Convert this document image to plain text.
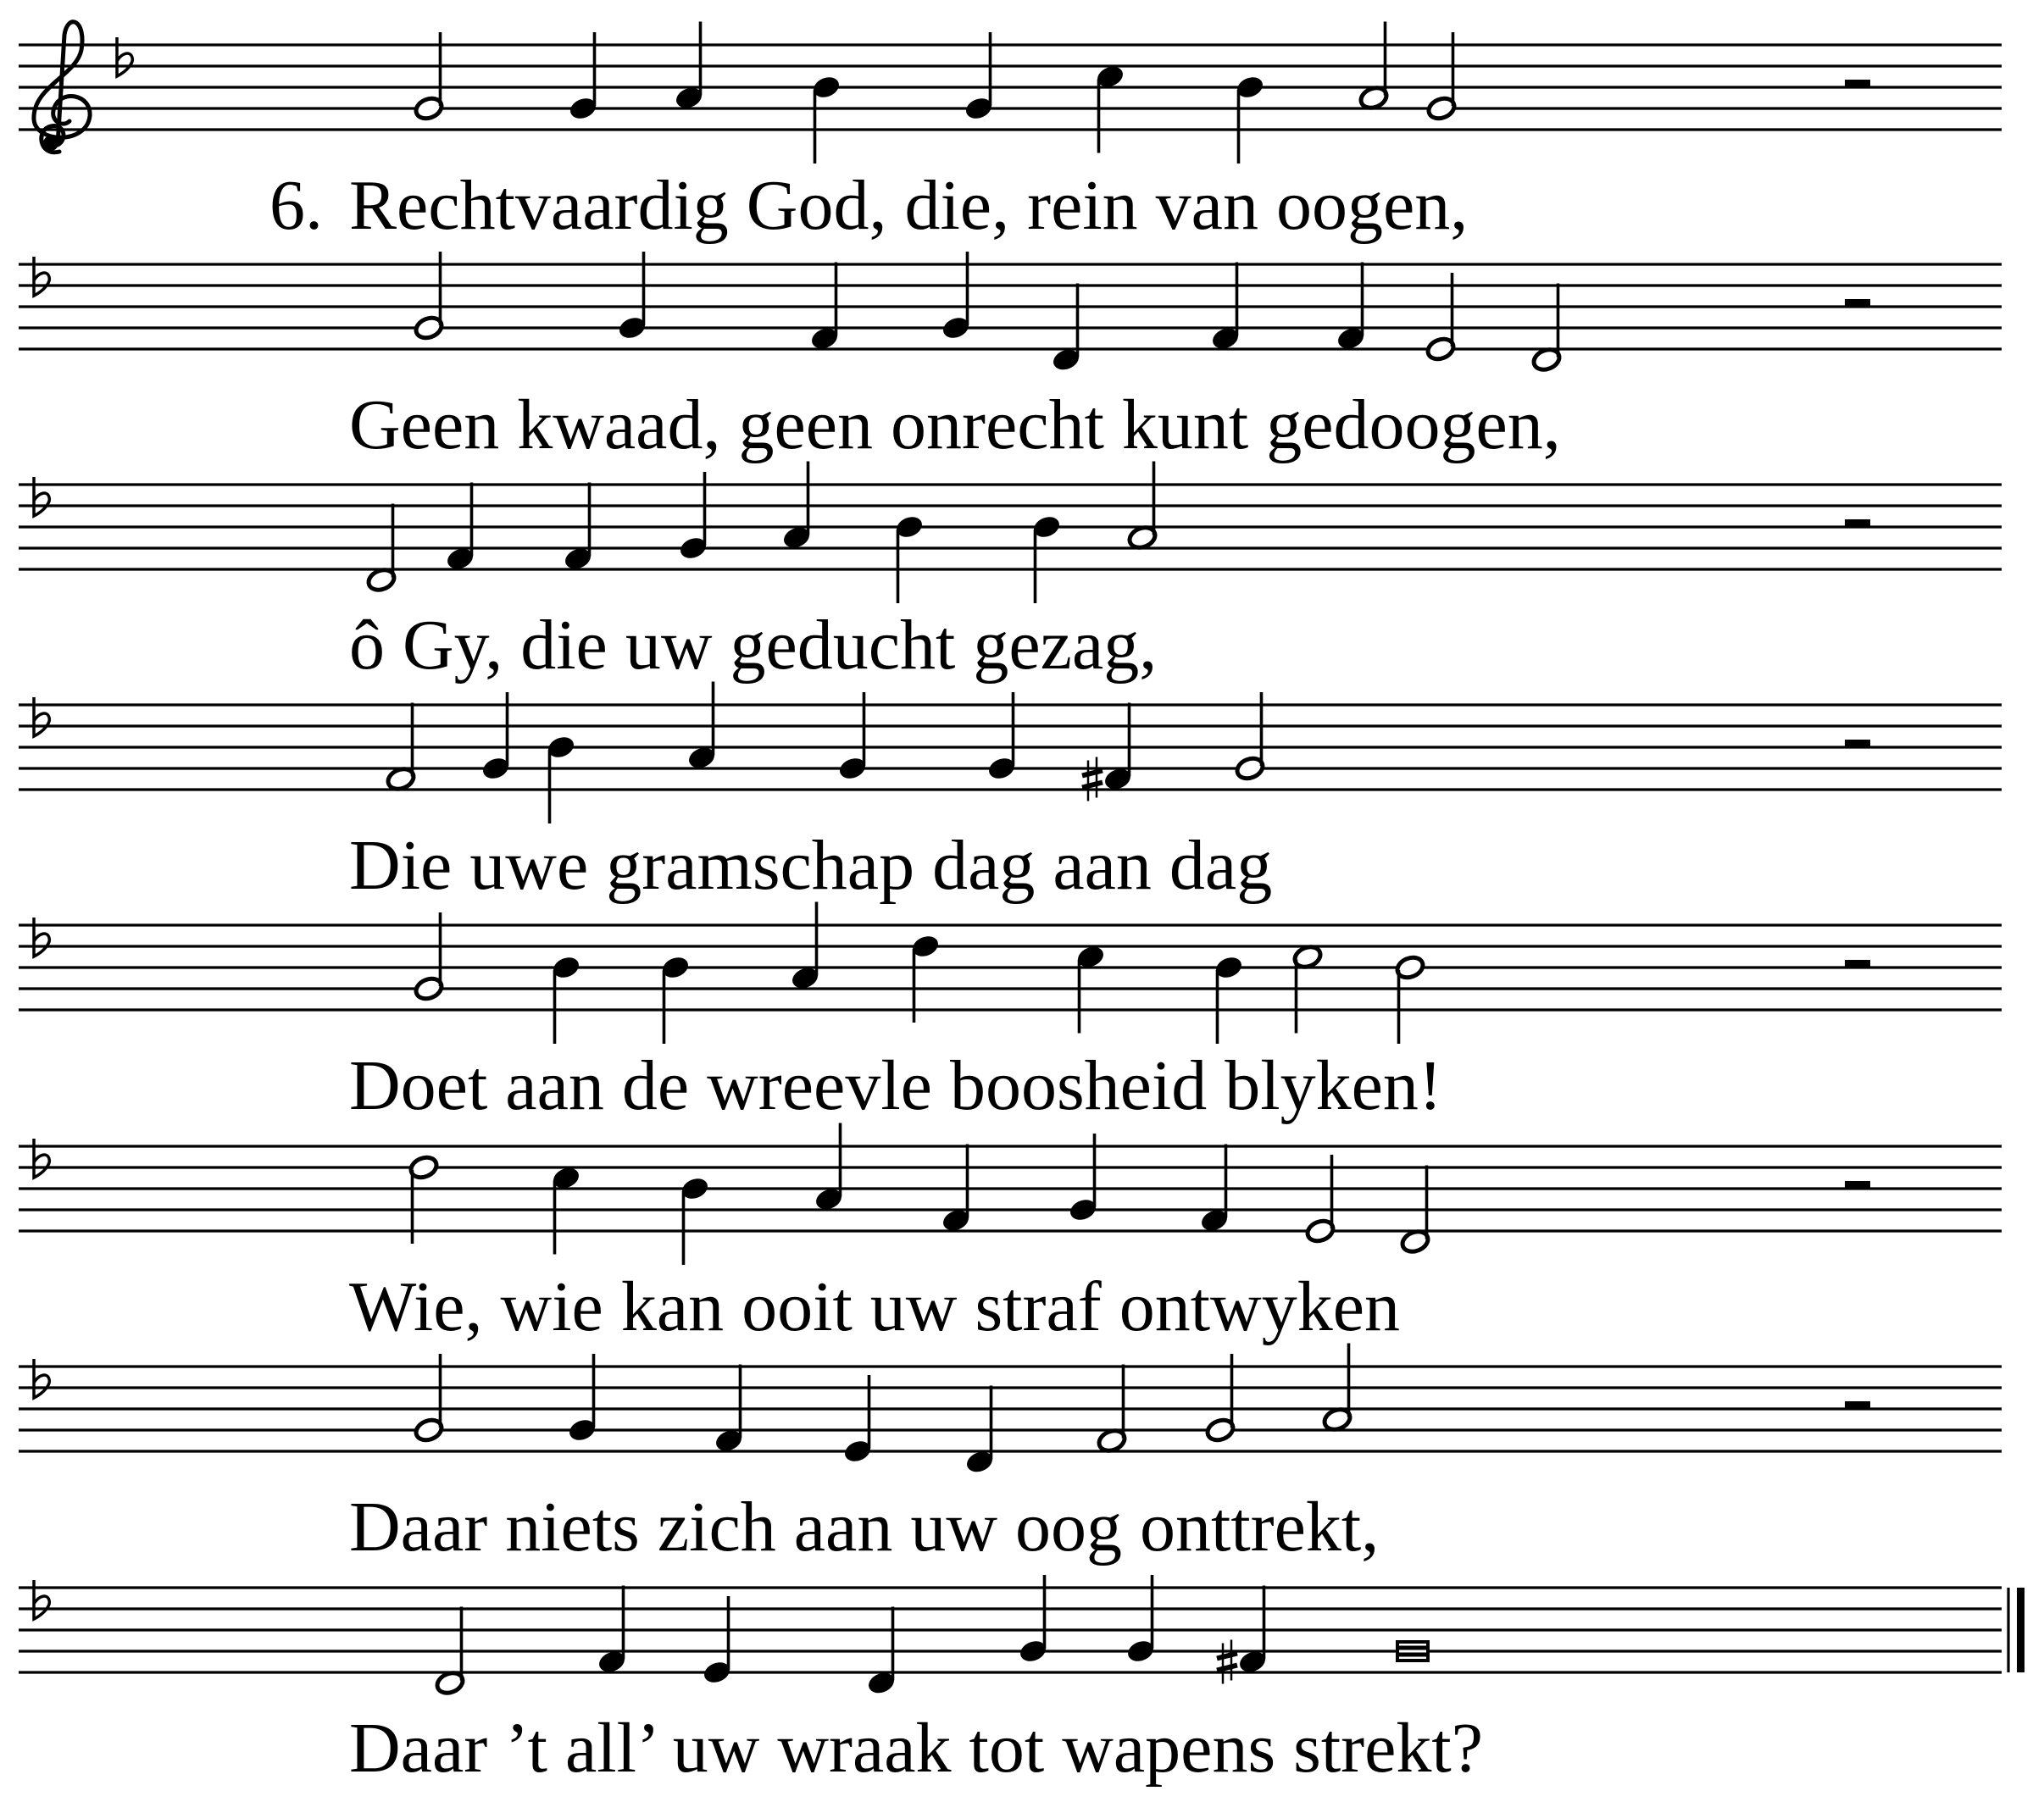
6. Rechtvaardig God, die, rein van oogen,
Geen kwaad, geen onrecht kunt gedoogen,
ô Gy, die uw geducht gezag,
Die uwe gramschap dag aan dag
Doet aan de wreevle boosheid blyken!
Wie, wie kan ooit uw straf ontwyken
Daar niets zich aan uw oog onttrekt,
Daar ’t all’ uw wraak tot wapens strekt?
